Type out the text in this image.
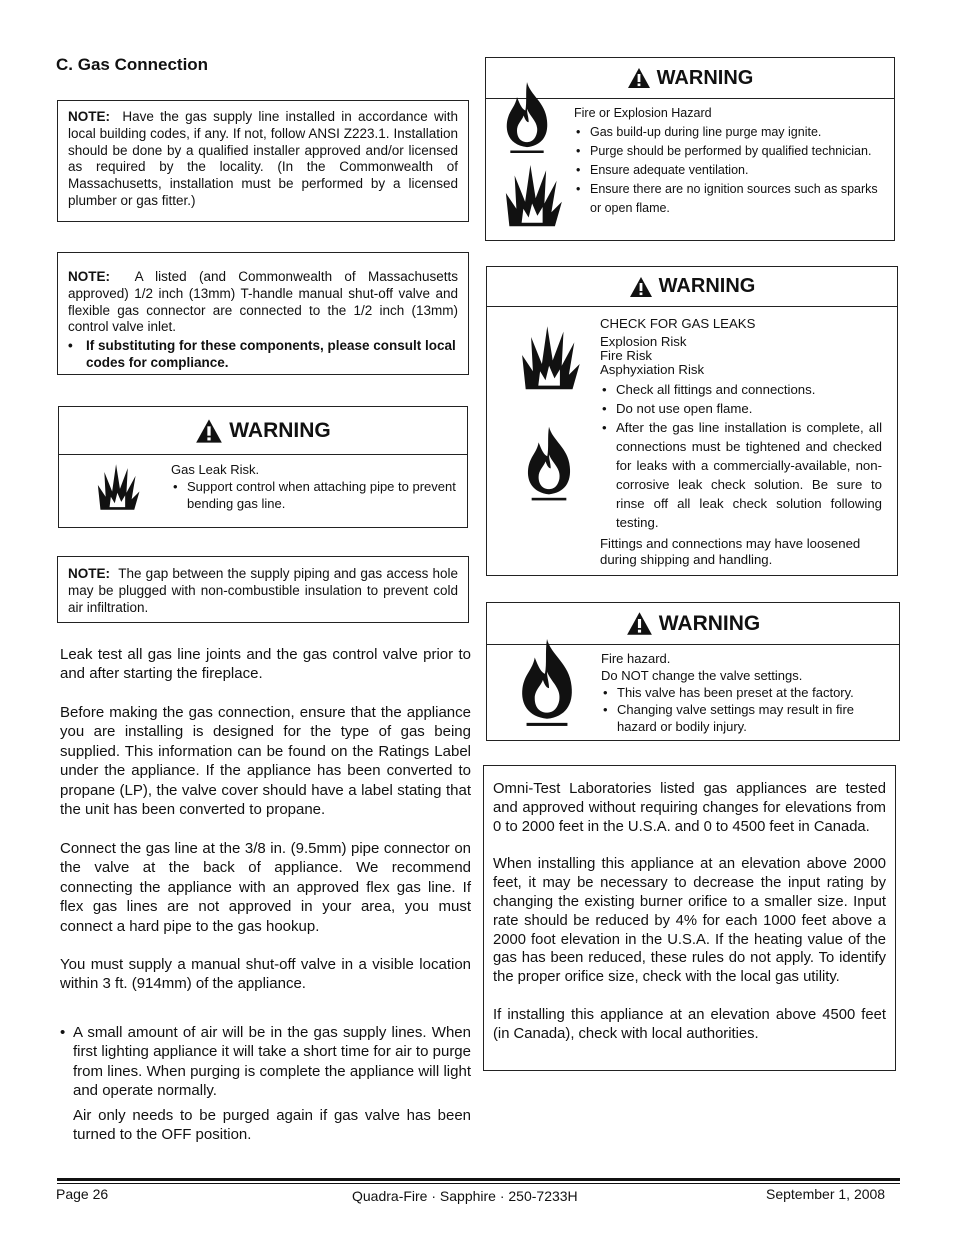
C. Gas Connection
NOTE: Have the gas supply line installed in accordance with local building codes, if any. If not, follow ANSI Z223.1. Installation should be done by a qualified installer approved and/or licensed as required by the locality. (In the Commonwealth of Massachusetts, installation must be performed by a licensed plumber or gas fitter.)
NOTE: A listed (and Commonwealth of Massachusetts approved) 1/2 inch (13mm) T-handle manual shut-off valve and flexible gas connector are connected to the 1/2 inch (13mm) control valve inlet.
• If substituting for these components, please consult local codes for compliance.
WARNING
Gas Leak Risk.
• Support control when attaching pipe to prevent bending gas line.
NOTE: The gap between the supply piping and gas access hole may be plugged with non-combustible insulation to prevent cold air infiltration.
Leak test all gas line joints and the gas control valve prior to and after starting the fireplace.
Before making the gas connection, ensure that the appliance you are installing is designed for the type of gas being supplied. This information can be found on the Ratings Label under the appliance. If the appliance has been converted to propane (LP), the valve cover should have a label stating that the unit has been converted to propane.
Connect the gas line at the 3/8 in. (9.5mm) pipe connector on the valve at the back of appliance. We recommend connecting the appliance with an approved flex gas line. If flex gas lines are not approved in your area, you must connect a hard pipe to the gas hookup.
You must supply a manual shut-off valve in a visible location within 3 ft. (914mm) of the appliance.
• A small amount of air will be in the gas supply lines. When first lighting appliance it will take a short time for air to purge from lines. When purging is complete the appliance will light and operate normally.
Air only needs to be purged again if gas valve has been turned to the OFF position.
WARNING
Fire or Explosion Hazard
• Gas build-up during line purge may ignite.
• Purge should be performed by qualified technician.
• Ensure adequate ventilation.
• Ensure there are no ignition sources such as sparks or open flame.
WARNING
CHECK FOR GAS LEAKS
Explosion Risk
Fire Risk
Asphyxiation Risk
• Check all fittings and connections.
• Do not use open flame.
• After the gas line installation is complete, all connections must be tightened and checked for leaks with a commercially-available, non-corrosive leak check solution. Be sure to rinse off all leak check solution following testing.
Fittings and connections may have loosened during shipping and handling.
WARNING
Fire hazard.
Do NOT change the valve settings.
• This valve has been preset at the factory.
• Changing valve settings may result in fire hazard or bodily injury.
Omni-Test Laboratories listed gas appliances are tested and approved without requiring changes for elevations from 0 to 2000 feet in the U.S.A. and 0 to 4500 feet in Canada.
When installing this appliance at an elevation above 2000 feet, it may be necessary to decrease the input rating by changing the existing burner orifice to a smaller size. Input rate should be reduced by 4% for each 1000 feet above a 2000 foot elevation in the U.S.A. If the heating value of the gas has been reduced, these rules do not apply. To identify the proper orifice size, check with the local gas utility.
If installing this appliance at an elevation above 4500 feet (in Canada), check with local authorities.
Page 26	Quadra-Fire · Sapphire · 250-7233H	September 1, 2008
